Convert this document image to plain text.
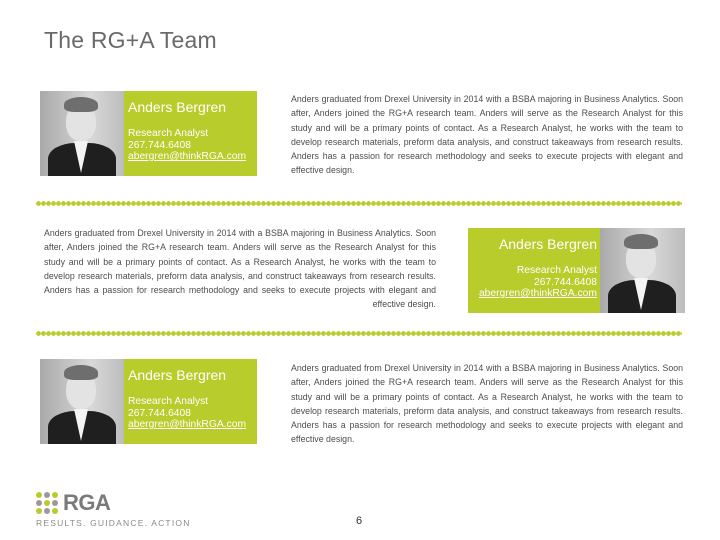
The RG+A Team
Anders Bergren
Research Analyst
267.744.6408
abergren@thinkRGA.com
Anders graduated from Drexel University in 2014 with a BSBA majoring in Business Analytics. Soon after, Anders joined the RG+A research team. Anders will serve as the Research Analyst for this study and will be a primary points of contact. As a Research Analyst, he works with the team to develop research materials, preform data analysis, and construct takeaways from research results. Anders has a passion for research methodology and seeks to execute projects with elegant and effective design.
Anders graduated from Drexel University in 2014 with a BSBA majoring in Business Analytics. Soon after, Anders joined the RG+A research team. Anders will serve as the Research Analyst for this study and will be a primary points of contact. As a Research Analyst, he works with the team to develop research materials, preform data analysis, and construct takeaways from research results. Anders has a passion for research methodology and seeks to execute projects with elegant and effective design.
Anders Bergren
Research Analyst
267.744.6408
abergren@thinkRGA.com
Anders Bergren
Research Analyst
267.744.6408
abergren@thinkRGA.com
Anders graduated from Drexel University in 2014 with a BSBA majoring in Business Analytics. Soon after, Anders joined the RG+A research team. Anders will serve as the Research Analyst for this study and will be a primary points of contact. As a Research Analyst, he works with the team to develop research materials, preform data analysis, and construct takeaways from research results. Anders has a passion for research methodology and seeks to execute projects with elegant and effective design.
RGA
RESULTS. GUIDANCE. ACTION	6
